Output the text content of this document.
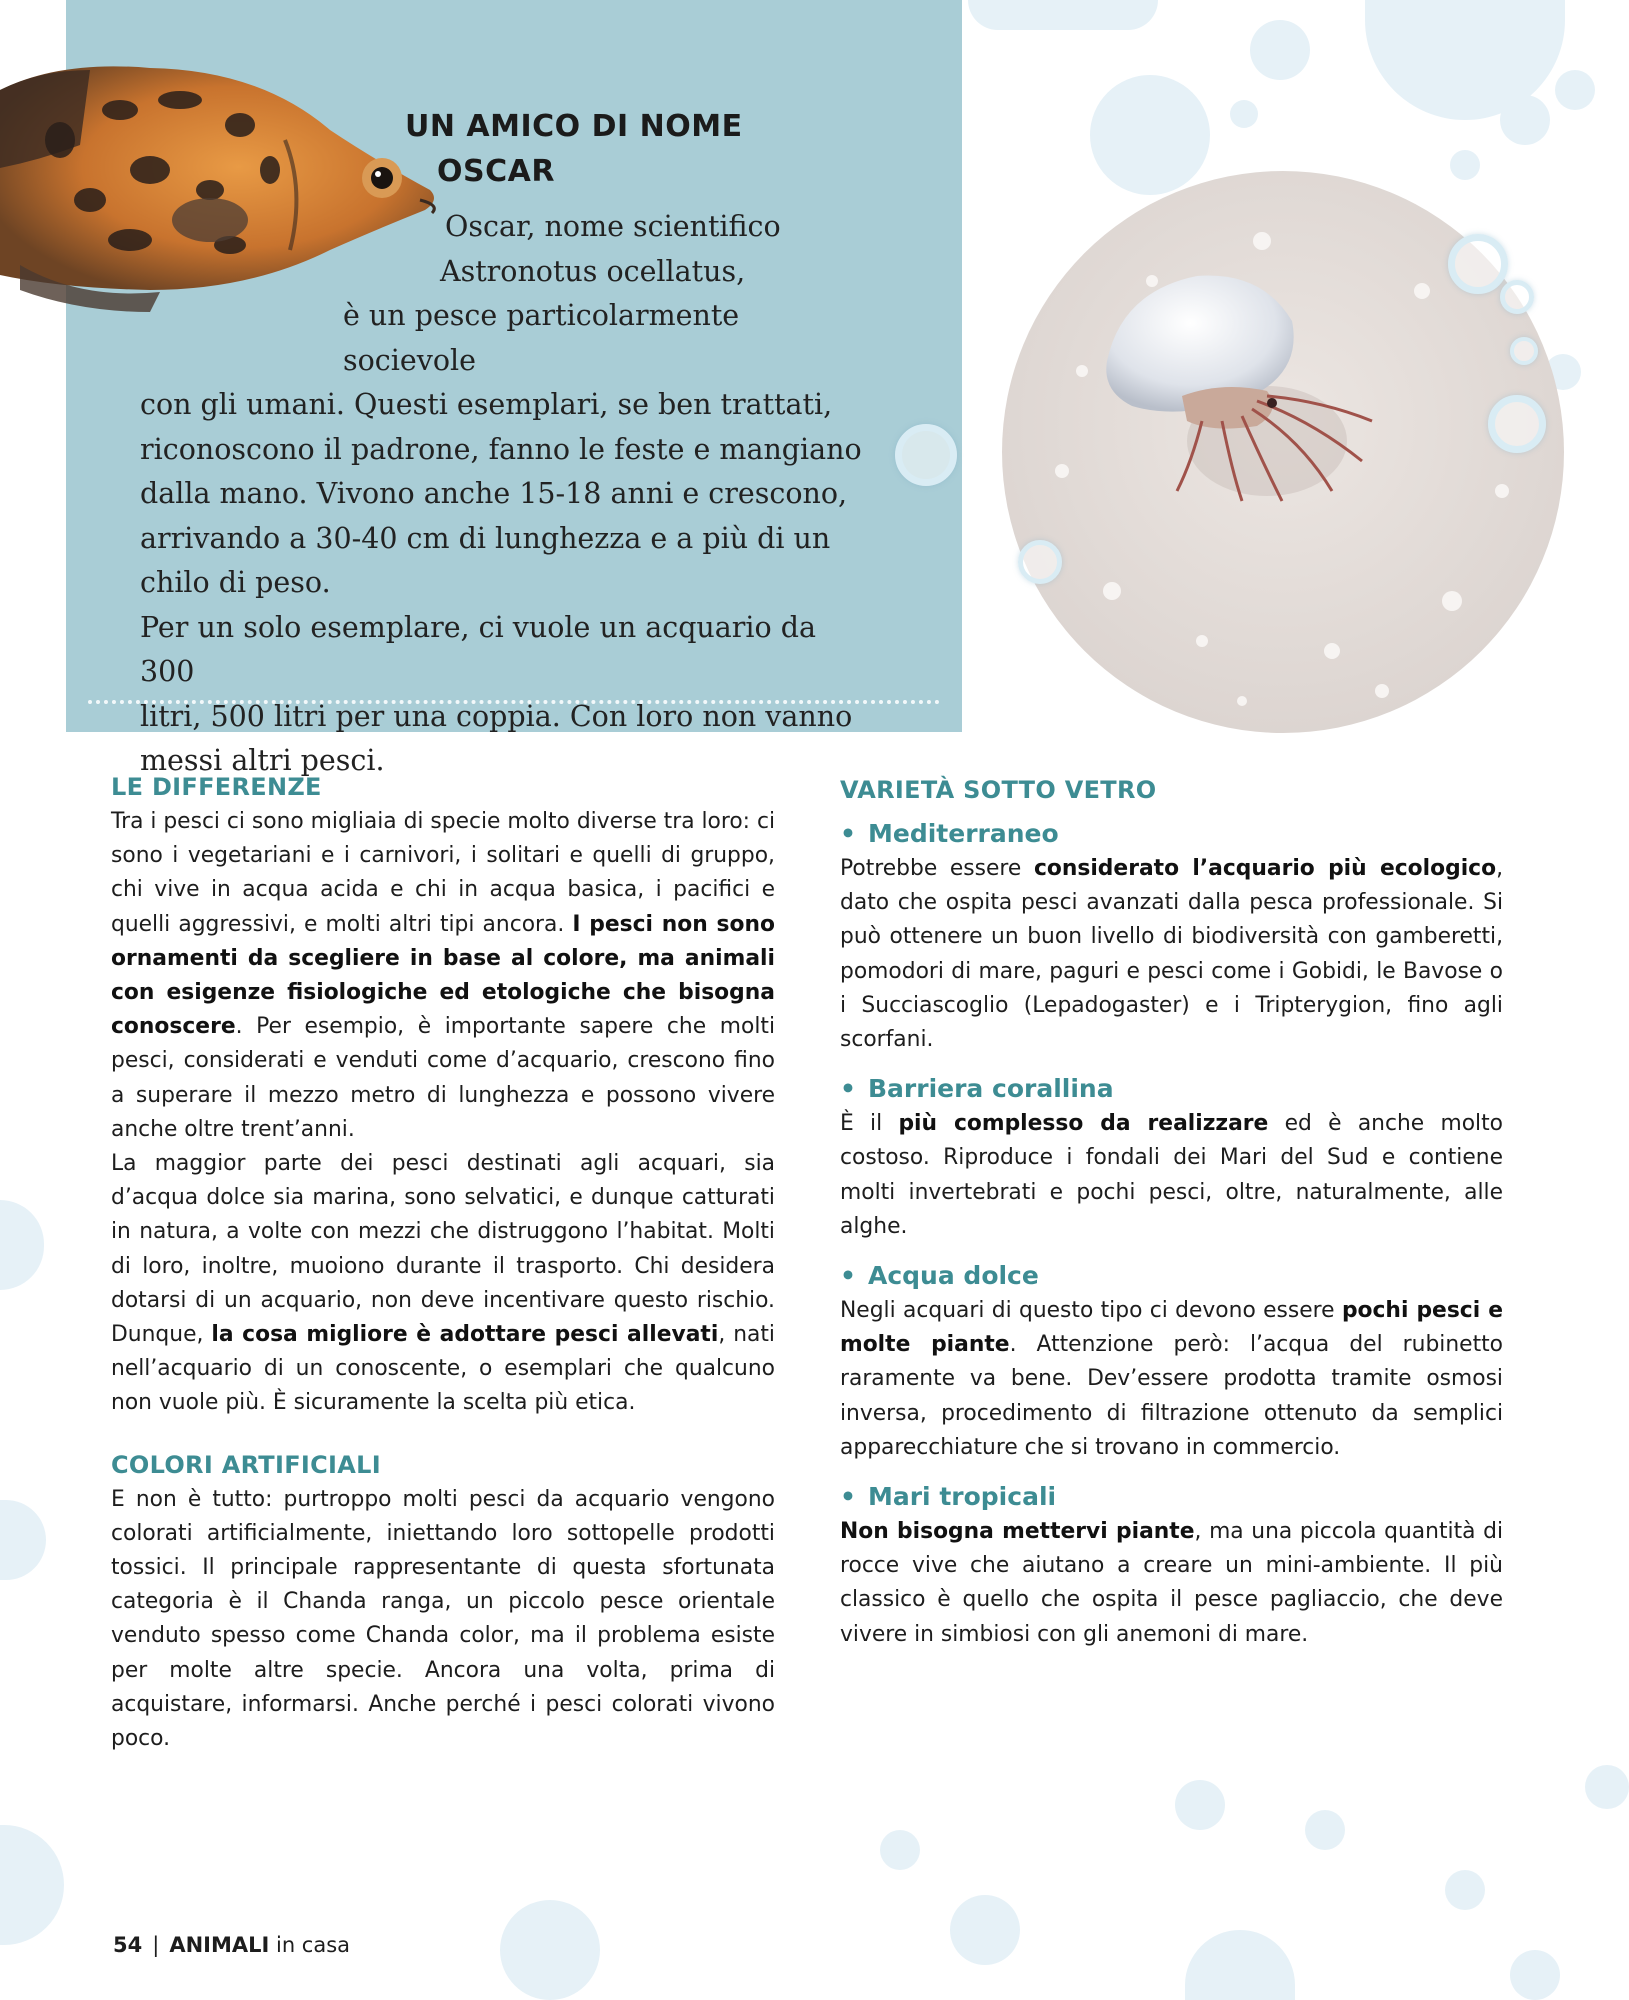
UN AMICO DI NOME
OSCAR
Oscar, nome scientifico
Astronotus ocellatus,
è un pesce particolarmente socievole
con gli umani. Questi esemplari, se ben trattati,
riconoscono il padrone, fanno le feste e mangiano
dalla mano. Vivono anche 15-18 anni e crescono,
arrivando a 30-40 cm di lunghezza e a più di un
chilo di peso.
Per un solo esemplare, ci vuole un acquario da 300
litri, 500 litri per una coppia. Con loro non vanno
messi altri pesci.
LE DIFFERENZE

Tra i pesci ci sono migliaia di specie molto diverse tra loro: ci sono i vegetariani e i carnivori, i solitari e quelli di gruppo, chi vive in acqua acida e chi in acqua basica, i pacifici e quelli aggressivi, e molti altri tipi ancora. I pesci non sono ornamenti da scegliere in base al colore, ma animali con esigenze fisiologiche ed etologiche che bisogna conoscere. Per esempio, è importante sapere che molti pesci, considerati e venduti come d’acquario, crescono fino a superare il mezzo metro di lunghezza e possono vivere anche oltre trent’anni.

La maggior parte dei pesci destinati agli acquari, sia d’acqua dolce sia marina, sono selvatici, e dunque catturati in natura, a volte con mezzi che distruggono l’habitat. Molti di loro, inoltre, muoiono durante il trasporto. Chi desidera dotarsi di un acquario, non deve incentivare questo rischio. Dunque, la cosa migliore è adottare pesci allevati, nati nell’acquario di un conoscente, o esemplari che qualcuno non vuole più. È sicuramente la scelta più etica.

COLORI ARTIFICIALI

E non è tutto: purtroppo molti pesci da acquario vengono colorati artificialmente, iniettando loro sottopelle prodotti tossici. Il principale rappresentante di questa sfortunata categoria è il Chanda ranga, un piccolo pesce orientale venduto spesso come Chanda color, ma il problema esiste per molte altre specie. Ancora una volta, prima di acquistare, informarsi. Anche perché i pesci colorati vivono poco.

VARIETÀ SOTTO VETRO
• Mediterraneo

Potrebbe essere considerato l’acquario più ecologico, dato che ospita pesci avanzati dalla pesca professionale. Si può ottenere un buon livello di biodiversità con gamberetti, pomodori di mare, paguri e pesci come i Gobidi, le Bavose o i Succiascoglio (Lepadogaster) e i Tripterygion, fino agli scorfani.

• Barriera corallina

È il più complesso da realizzare ed è anche molto costoso. Riproduce i fondali dei Mari del Sud e contiene molti invertebrati e pochi pesci, oltre, naturalmente, alle alghe.

• Acqua dolce

Negli acquari di questo tipo ci devono essere pochi pesci e molte piante. Attenzione però: l’acqua del rubinetto raramente va bene. Dev’essere prodotta tramite osmosi inversa, procedimento di filtrazione ottenuto da semplici apparecchiature che si trovano in commercio.

• Mari tropicali

Non bisogna mettervi piante, ma una piccola quantità di rocce vive che aiutano a creare un mini-ambiente. Il più classico è quello che ospita il pesce pagliaccio, che deve vivere in simbiosi con gli anemoni di mare.

54 | ANIMALI in casa
